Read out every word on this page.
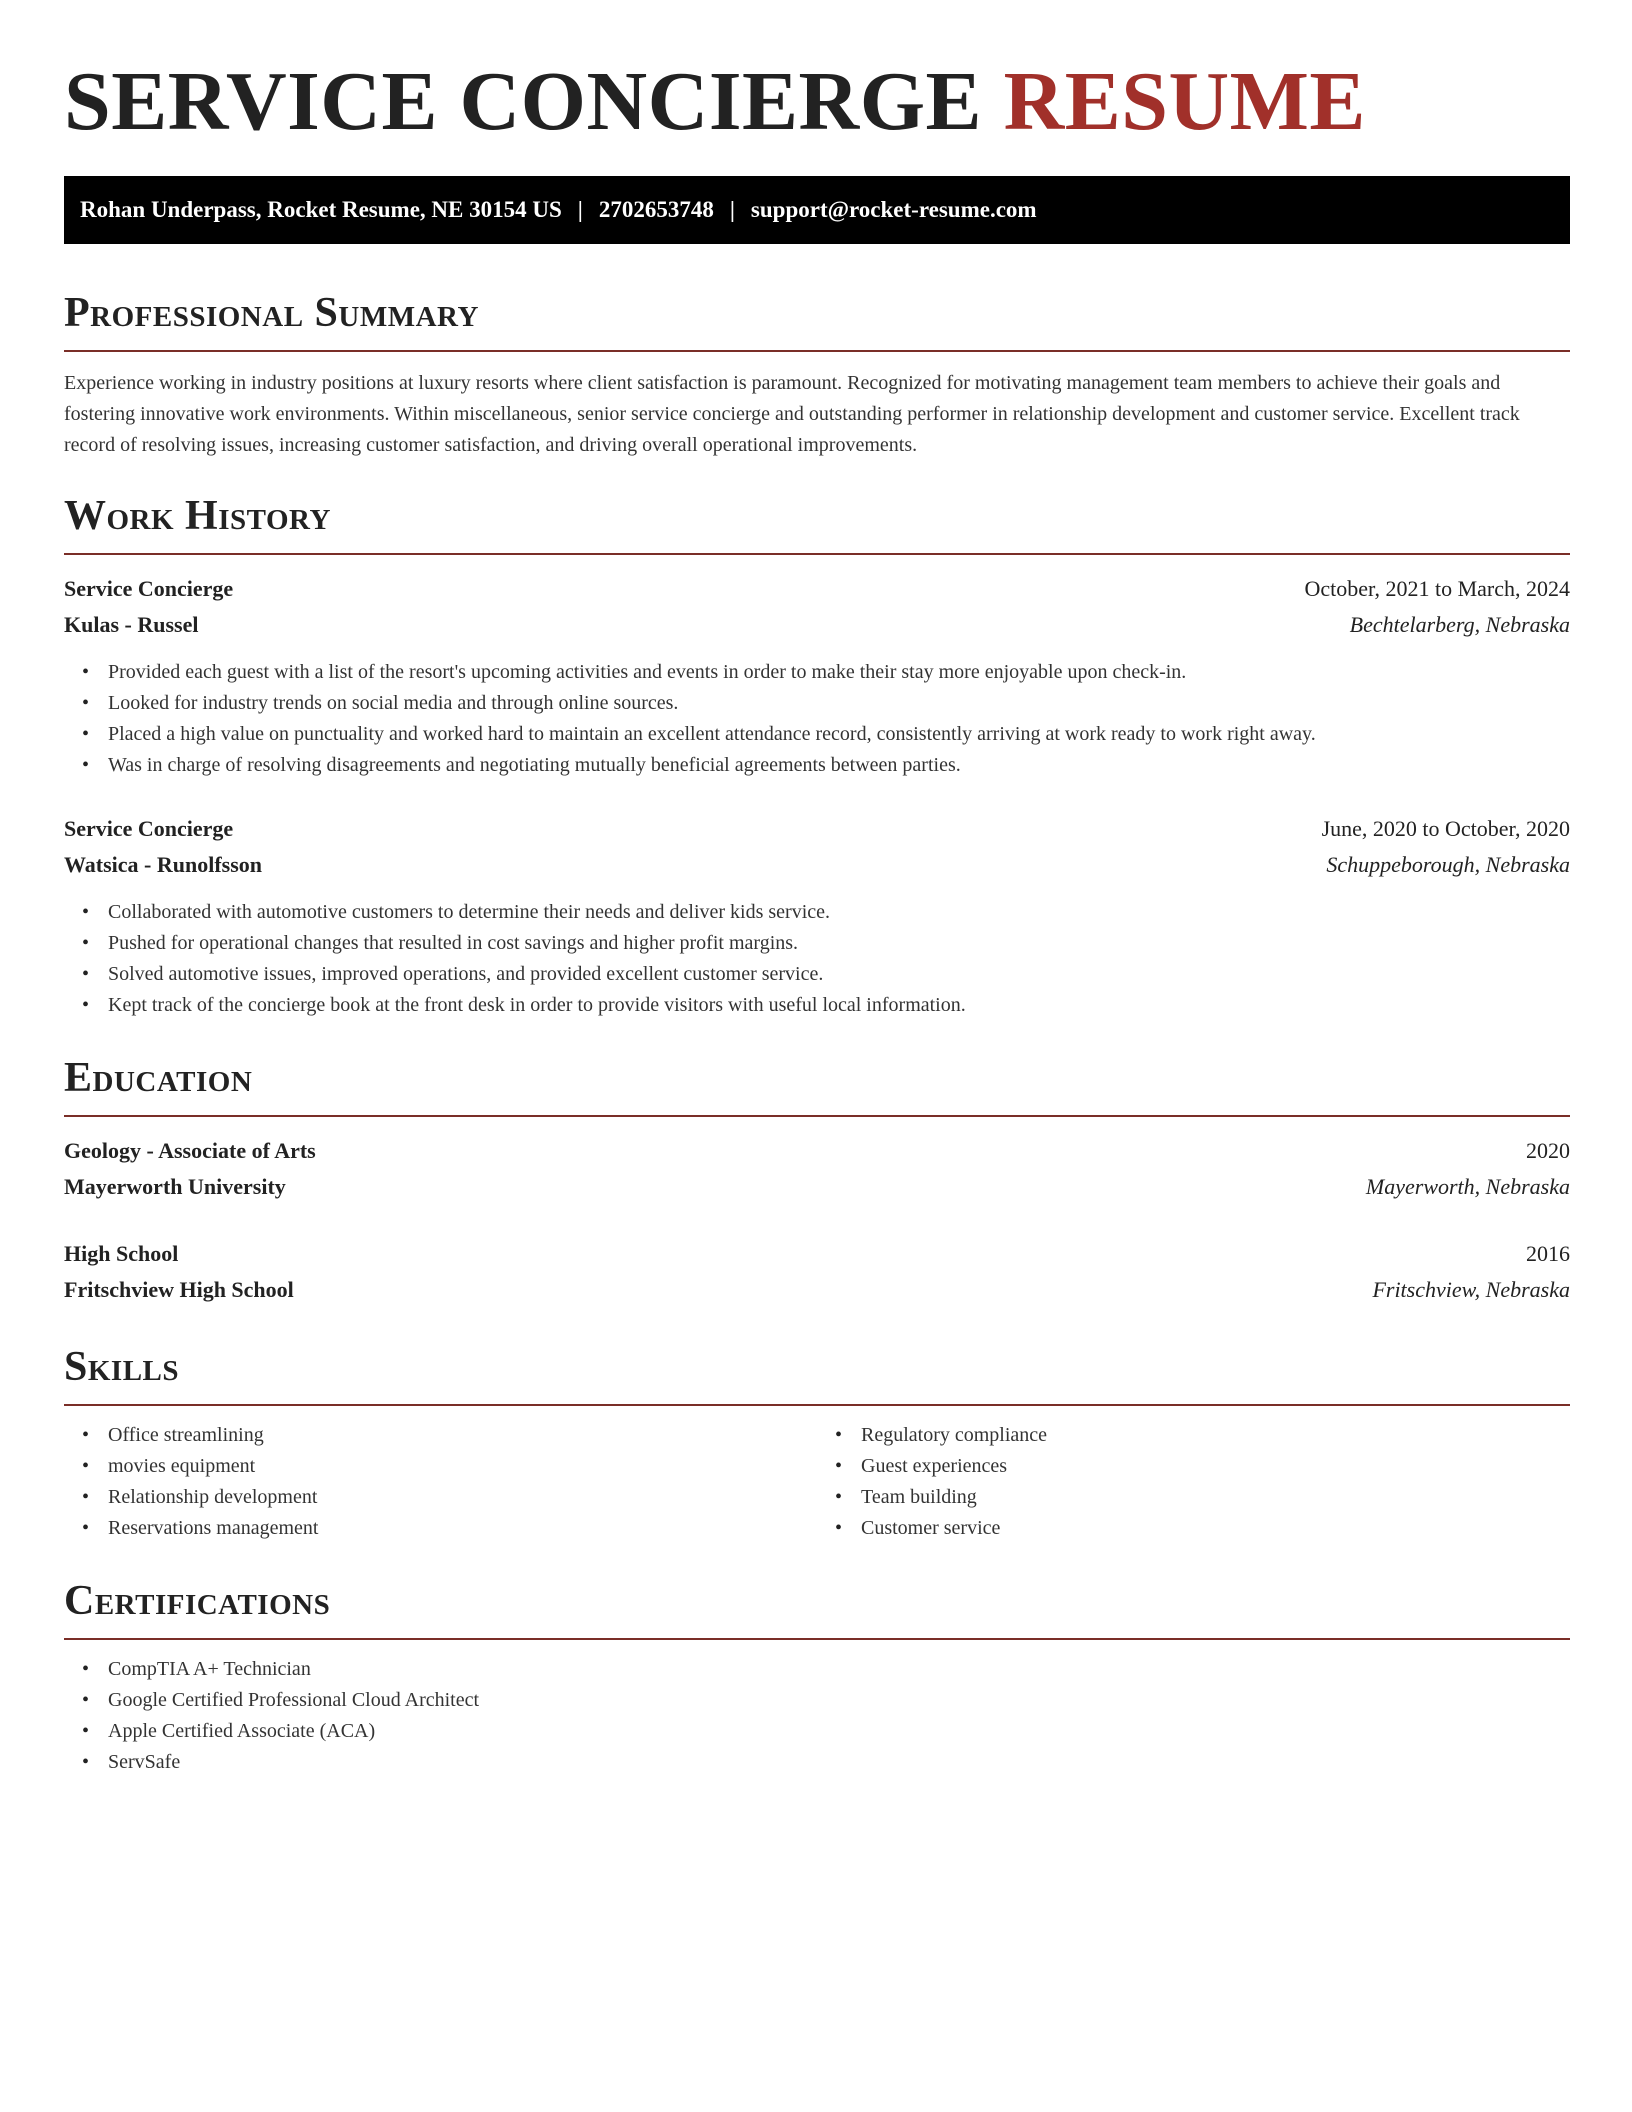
SERVICE CONCIERGE RESUME
Rohan Underpass, Rocket Resume, NE 30154 US | 2702653748 | support@rocket-resume.com
Professional Summary

Experience working in industry positions at luxury resorts where client satisfaction is paramount. Recognized for motivating management team members to achieve their goals and fostering innovative work environments. Within miscellaneous, senior service concierge and outstanding performer in relationship development and customer service. Excellent track record of resolving issues, increasing customer satisfaction, and driving overall operational improvements.

Work History
Service Concierge	October, 2021 to March, 2024
Kulas - Russel	Bechtelarberg, Nebraska
• Provided each guest with a list of the resort's upcoming activities and events in order to make their stay more enjoyable upon check-in.
• Looked for industry trends on social media and through online sources.
• Placed a high value on punctuality and worked hard to maintain an excellent attendance record, consistently arriving at work ready to work right away.
• Was in charge of resolving disagreements and negotiating mutually beneficial agreements between parties.
Service Concierge	June, 2020 to October, 2020
Watsica - Runolfsson	Schuppeborough, Nebraska
• Collaborated with automotive customers to determine their needs and deliver kids service.
• Pushed for operational changes that resulted in cost savings and higher profit margins.
• Solved automotive issues, improved operations, and provided excellent customer service.
• Kept track of the concierge book at the front desk in order to provide visitors with useful local information.
Education
Geology - Associate of Arts	2020
Mayerworth University	Mayerworth, Nebraska
High School	2016
Fritschview High School	Fritschview, Nebraska
Skills
• Office streamlining
• movies equipment
• Relationship development
• Reservations management
• Regulatory compliance
• Guest experiences
• Team building
• Customer service
Certifications
• CompTIA A+ Technician
• Google Certified Professional Cloud Architect
• Apple Certified Associate (ACA)
• ServSafe
